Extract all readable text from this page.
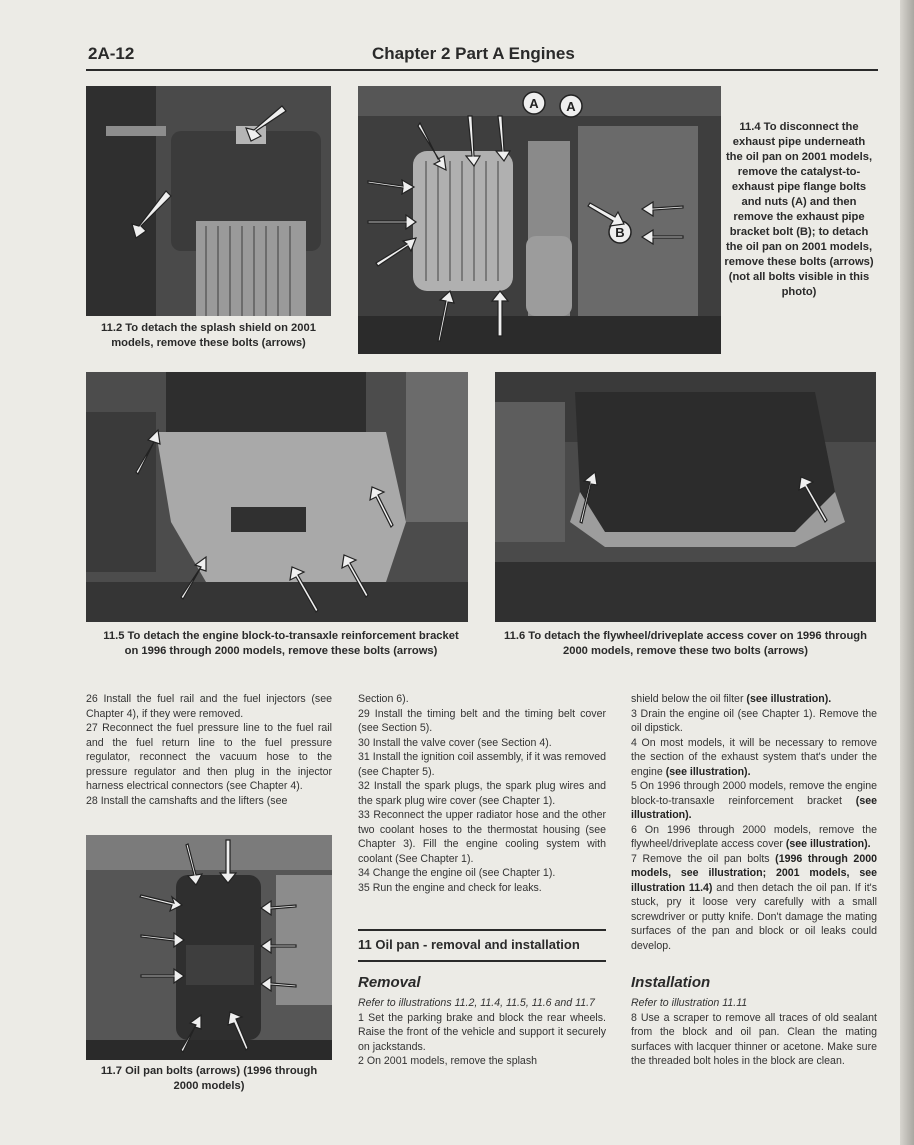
2A-12	Chapter 2 Part A Engines
11.2 To detach the splash shield on 2001 models, remove these bolts (arrows)
A A
B
11.4 To disconnect the exhaust pipe underneath the oil pan on 2001 models, remove the catalyst-to-exhaust pipe flange bolts and nuts (A) and then remove the exhaust pipe bracket bolt (B); to detach the oil pan on 2001 models, remove these bolts (arrows) (not all bolts visible in this photo)
11.5 To detach the engine block-to-transaxle reinforcement bracket on 1996 through 2000 models, remove these bolts (arrows)
11.6 To detach the flywheel/driveplate access cover on 1996 through 2000 models, remove these two bolts (arrows)

26 Install the fuel rail and the fuel injectors (see Chapter 4), if they were removed.

27 Reconnect the fuel pressure line to the fuel rail and the fuel return line to the fuel pressure regulator, reconnect the vacuum hose to the pressure regulator and then plug in the injector harness electrical connectors (see Chapter 4).

28 Install the camshafts and the lifters (see

11.7 Oil pan bolts (arrows) (1996 through 2000 models)

Section 6).

29 Install the timing belt and the timing belt cover (see Section 5).

30 Install the valve cover (see Section 4).

31 Install the ignition coil assembly, if it was removed (see Chapter 5).

32 Install the spark plugs, the spark plug wires and the spark plug wire cover (see Chapter 1).

33 Reconnect the upper radiator hose and the other two coolant hoses to the thermostat housing (see Chapter 3). Fill the engine cooling system with coolant (See Chapter 1).

34 Change the engine oil (see Chapter 1).

35 Run the engine and check for leaks.

11 Oil pan - removal and installation
Removal

Refer to illustrations 11.2, 11.4, 11.5, 11.6 and 11.7

1 Set the parking brake and block the rear wheels. Raise the front of the vehicle and support it securely on jackstands.

2 On 2001 models, remove the splash

shield below the oil filter (see illustration).

3 Drain the engine oil (see Chapter 1). Remove the oil dipstick.

4 On most models, it will be necessary to remove the section of the exhaust system that's under the engine (see illustration).

5 On 1996 through 2000 models, remove the engine block-to-transaxle reinforcement bracket (see illustration).

6 On 1996 through 2000 models, remove the flywheel/driveplate access cover (see illustration).

7 Remove the oil pan bolts (1996 through 2000 models, see illustration; 2001 models, see illustration 11.4) and then detach the oil pan. If it's stuck, pry it loose very carefully with a small screwdriver or putty knife. Don't damage the mating surfaces of the pan and block or oil leaks could develop.

Installation

Refer to illustration 11.11

8 Use a scraper to remove all traces of old sealant from the block and oil pan. Clean the mating surfaces with lacquer thinner or acetone. Make sure the threaded bolt holes in the block are clean.
